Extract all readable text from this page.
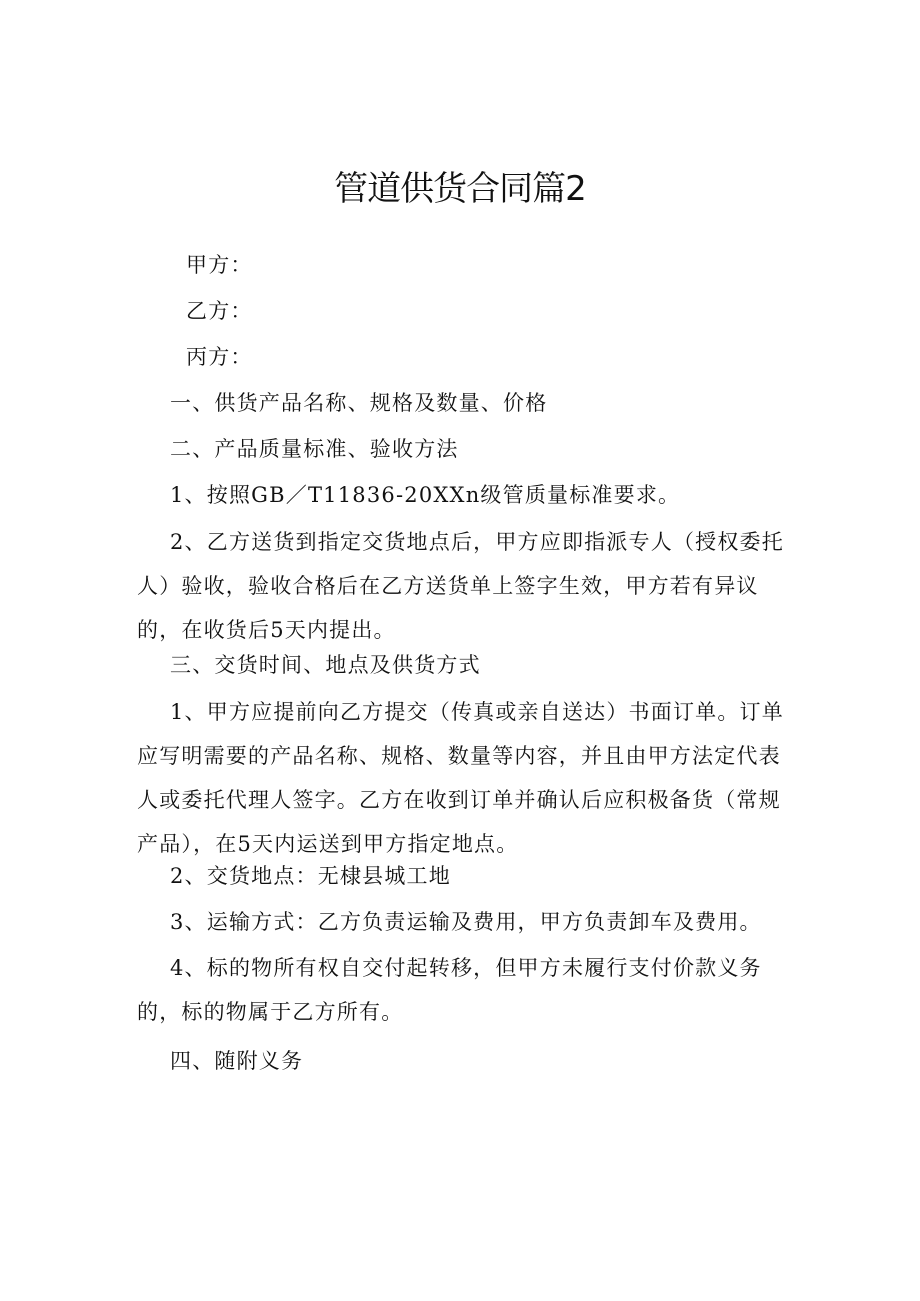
管道供货合同篇2

甲方：

乙方：

丙方：

一、供货产品名称、规格及数量、价格

二、产品质量标准、验收方法

1、按照GB／T11836-20XXn级管质量标准要求。

2、乙方送货到指定交货地点后，甲方应即指派专人（授权委托人）验收，验收合格后在乙方送货单上签字生效，甲方若有异议的，在收货后5天内提出。

三、交货时间、地点及供货方式

1、甲方应提前向乙方提交（传真或亲自送达）书面订单。订单应写明需要的产品名称、规格、数量等内容，并且由甲方法定代表人或委托代理人签字。乙方在收到订单并确认后应积极备货（常规产品），在5天内运送到甲方指定地点。

2、交货地点：无棣县城工地

3、运输方式：乙方负责运输及费用，甲方负责卸车及费用。

4、标的物所有权自交付起转移，但甲方未履行支付价款义务的，标的物属于乙方所有。

四、随附义务
